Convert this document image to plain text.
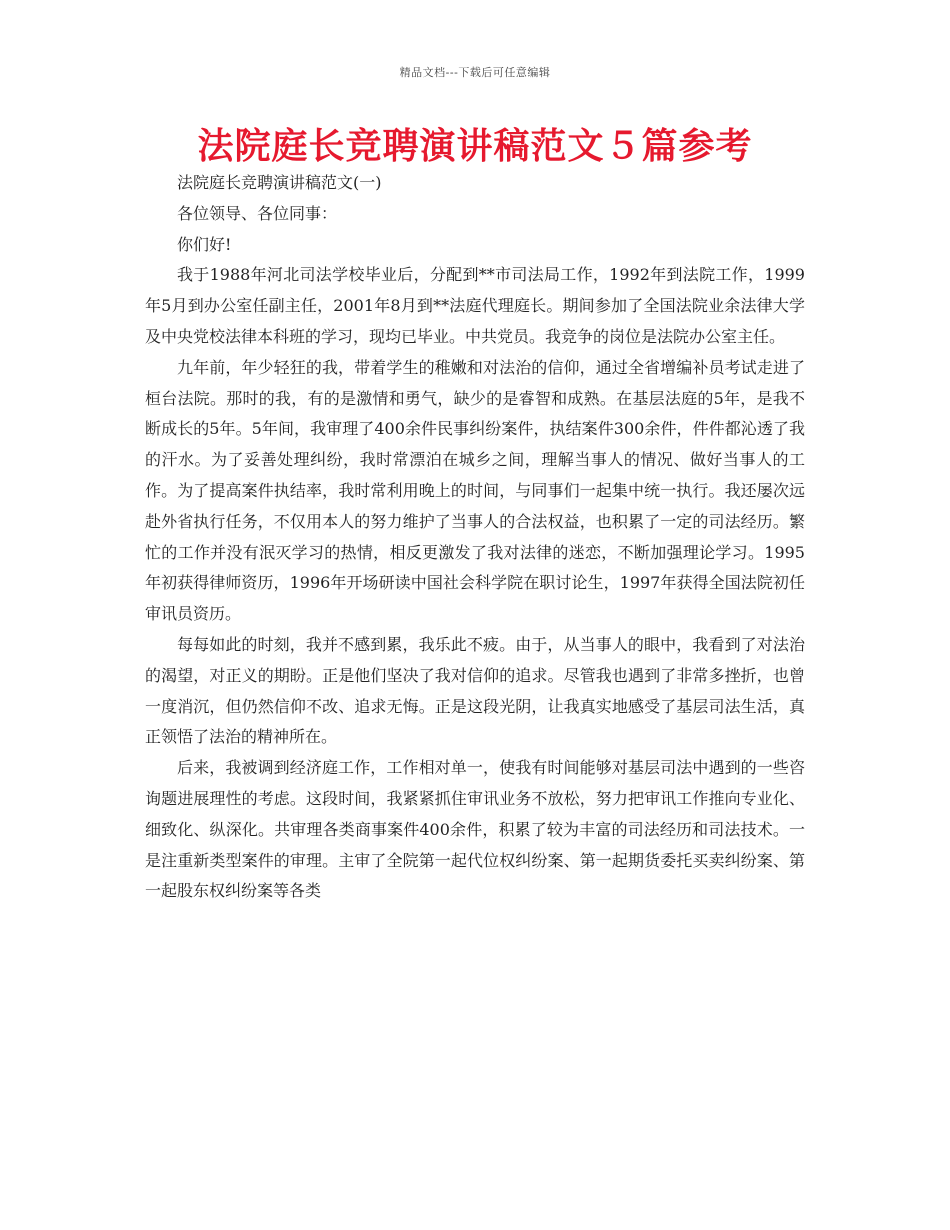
精品文档---下载后可任意编辑
法院庭长竞聘演讲稿范文５篇参考

法院庭长竞聘演讲稿范文(一)

各位领导、各位同事：

你们好!

我于1988年河北司法学校毕业后，分配到**市司法局工作，1992年到法院工作，1999年5月到办公室任副主任，2001年8月到**法庭代理庭长。期间参加了全国法院业余法律大学及中央党校法律本科班的学习，现均已毕业。中共党员。我竞争的岗位是法院办公室主任。

九年前，年少轻狂的我，带着学生的稚嫩和对法治的信仰，通过全省增编补员考试走进了桓台法院。那时的我，有的是激情和勇气，缺少的是睿智和成熟。在基层法庭的5年，是我不断成长的5年。5年间，我审理了400余件民事纠纷案件，执结案件300余件，件件都沁透了我的汗水。为了妥善处理纠纷，我时常漂泊在城乡之间，理解当事人的情况、做好当事人的工作。为了提高案件执结率，我时常利用晚上的时间，与同事们一起集中统一执行。我还屡次远赴外省执行任务，不仅用本人的努力维护了当事人的合法权益，也积累了一定的司法经历。繁忙的工作并没有泯灭学习的热情，相反更激发了我对法律的迷恋，不断加强理论学习。1995年初获得律师资历，1996年开场研读中国社会科学院在职讨论生，1997年获得全国法院初任审讯员资历。

每每如此的时刻，我并不感到累，我乐此不疲。由于，从当事人的眼中，我看到了对法治的渴望，对正义的期盼。正是他们坚决了我对信仰的追求。尽管我也遇到了非常多挫折，也曾一度消沉，但仍然信仰不改、追求无悔。正是这段光阴，让我真实地感受了基层司法生活，真正领悟了法治的精神所在。

后来，我被调到经济庭工作，工作相对单一，使我有时间能够对基层司法中遇到的一些咨询题进展理性的考虑。这段时间，我紧紧抓住审讯业务不放松，努力把审讯工作推向专业化、细致化、纵深化。共审理各类商事案件400余件，积累了较为丰富的司法经历和司法技术。一是注重新类型案件的审理。主审了全院第一起代位权纠纷案、第一起期货委托买卖纠纷案、第一起股东权纠纷案等各类
